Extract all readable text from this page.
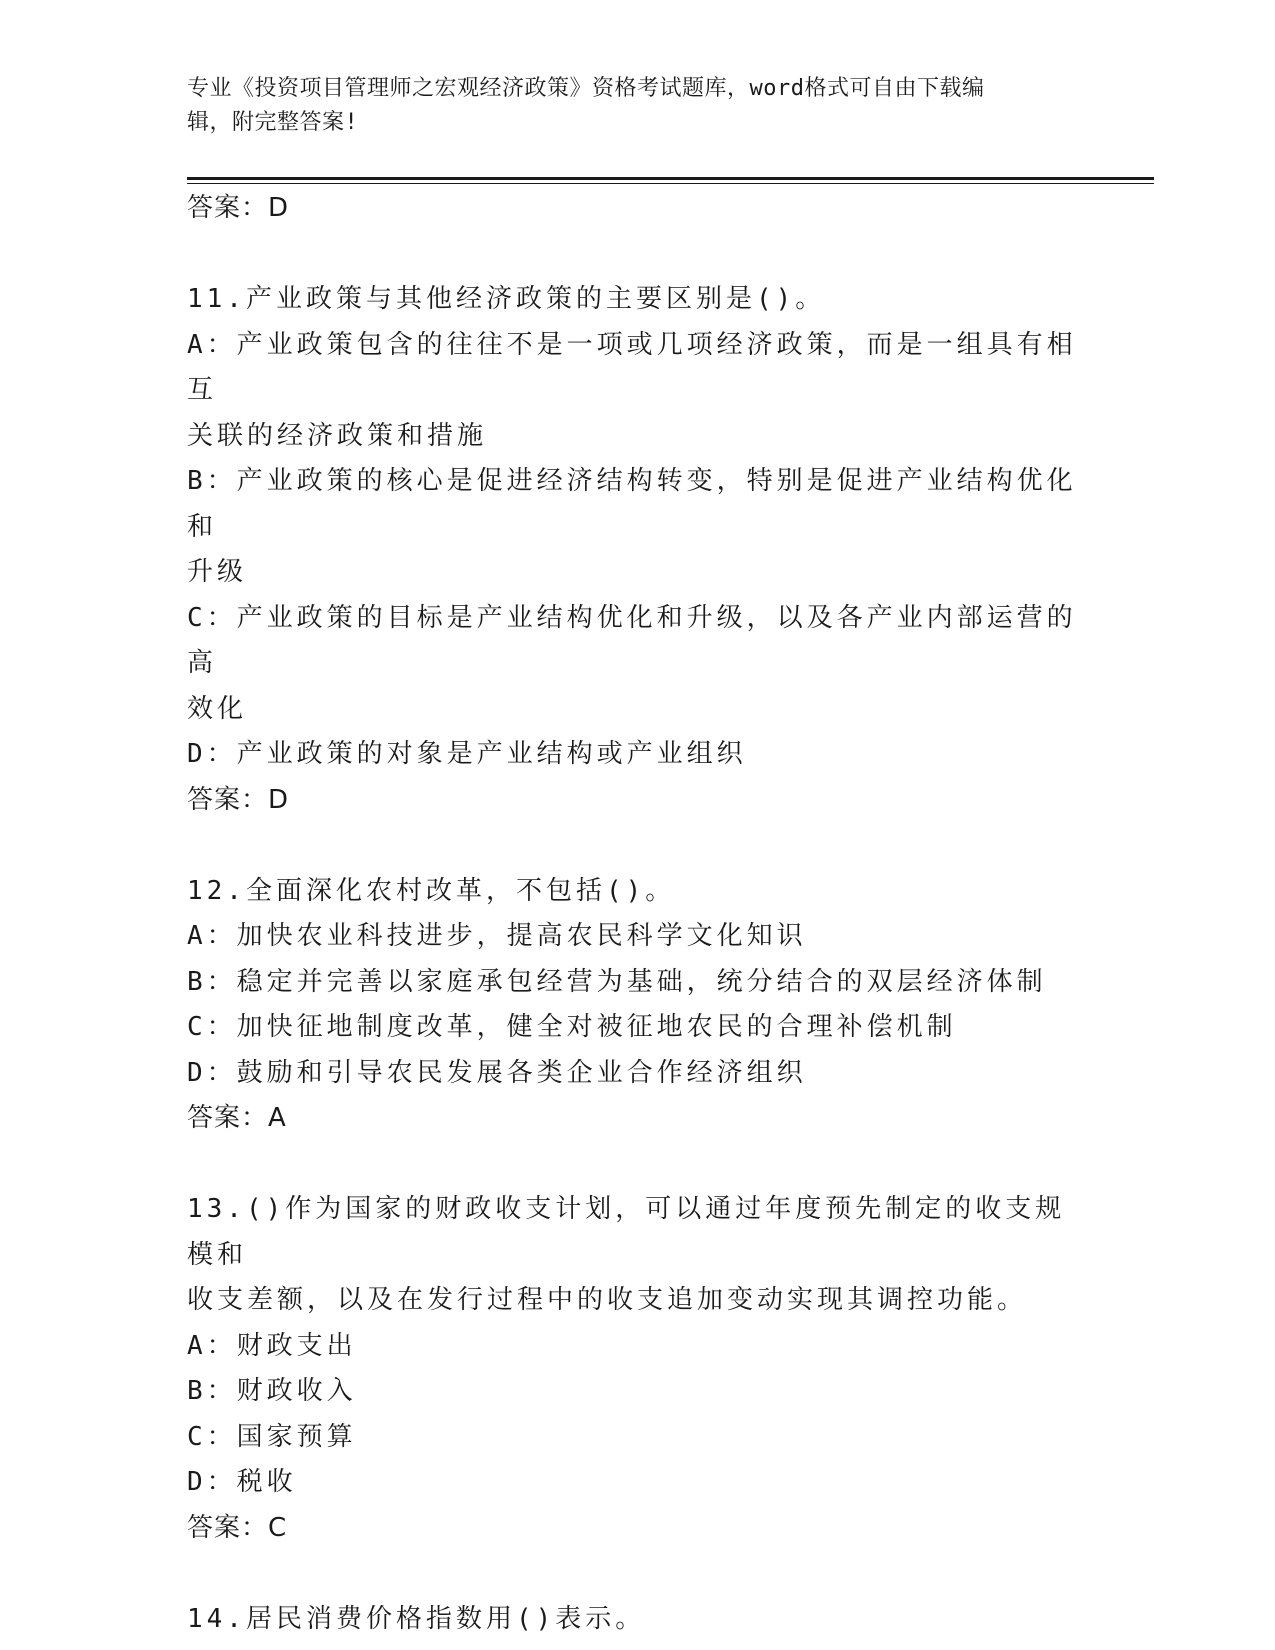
专业《投资项目管理师之宏观经济政策》资格考试题库，word格式可自由下载编
辑，附完整答案!
答案：D
11.产业政策与其他经济政策的主要区别是()。
A：产业政策包含的往往不是一项或几项经济政策，而是一组具有相互
关联的经济政策和措施
B：产业政策的核心是促进经济结构转变，特别是促进产业结构优化和
升级
C：产业政策的目标是产业结构优化和升级，以及各产业内部运营的高
效化
D：产业政策的对象是产业结构或产业组织
答案：D
12.全面深化农村改革，不包括()。
A：加快农业科技进步，提高农民科学文化知识
B：稳定并完善以家庭承包经营为基础，统分结合的双层经济体制
C：加快征地制度改革，健全对被征地农民的合理补偿机制
D：鼓励和引导农民发展各类企业合作经济组织
答案：A
13.()作为国家的财政收支计划，可以通过年度预先制定的收支规模和
收支差额，以及在发行过程中的收支追加变动实现其调控功能。
A：财政支出
B：财政收入
C：国家预算
D：税收
答案：C
14.居民消费价格指数用()表示。
